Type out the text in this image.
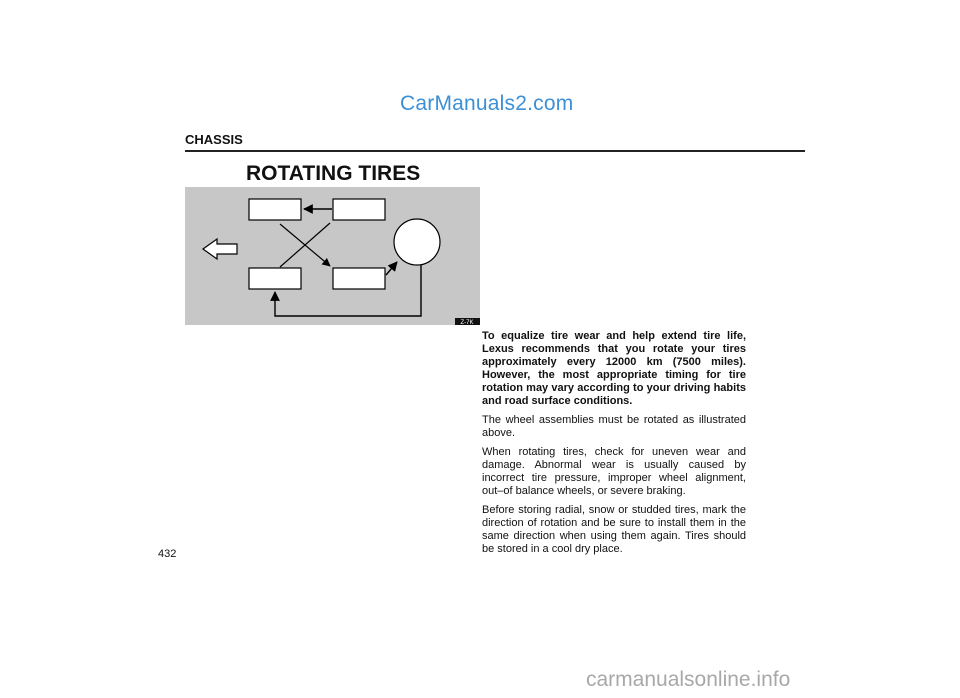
CarManuals2.com
CHASSIS
ROTATING TIRES
Z-7K

To equalize tire wear and help extend tire life, Lexus recommends that you rotate your tires approximately every 12000 km (7500 miles). However, the most appropriate timing for tire rotation may vary according to your driving habits and road surface conditions.

The wheel assemblies must be rotated as illustrated above.

When rotating tires, check for uneven wear and damage. Abnormal wear is usually caused by incorrect tire pressure, improper wheel alignment, out–of balance wheels, or severe braking.

Before storing radial, snow or studded tires, mark the direction of rotation and be sure to install them in the same direction when using them again. Tires should be stored in a cool dry place.

432
carmanualsonline.info
